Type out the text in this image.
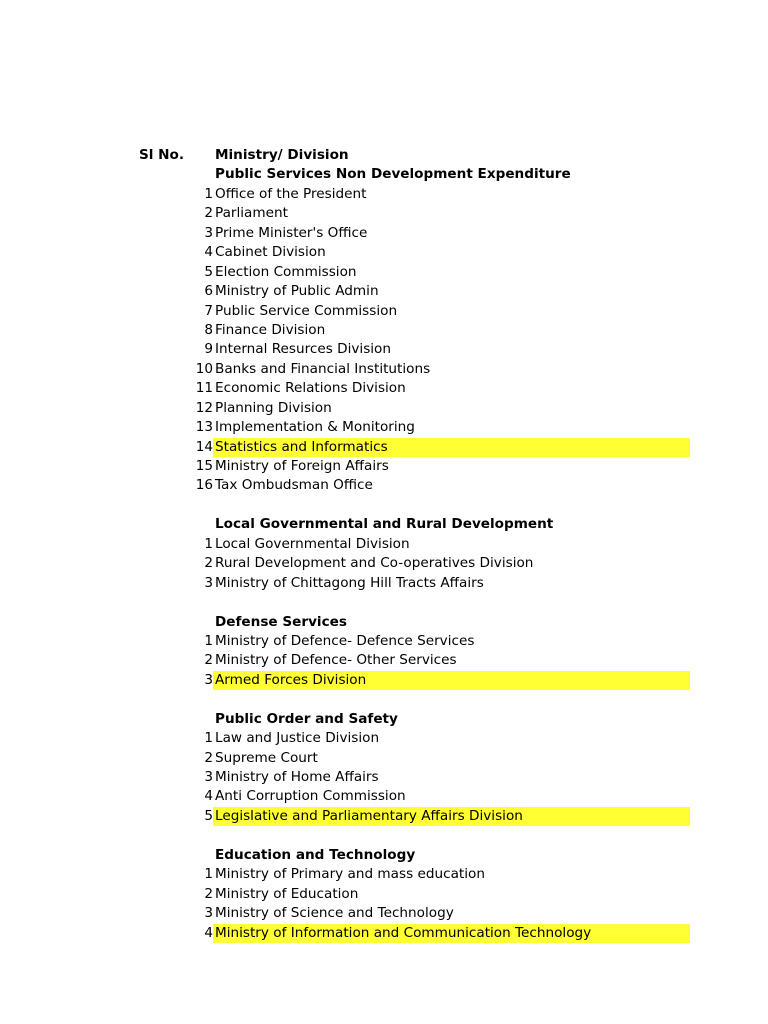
Sl No. Ministry/ Division
Public Services Non Development Expenditure
1 Office of the President
2 Parliament
3 Prime Minister's Office
4 Cabinet Division
5 Election Commission
6 Ministry of Public Admin
7 Public Service Commission
8 Finance Division
9 Internal Resurces Division
10 Banks and Financial Institutions
11 Economic Relations Division
12 Planning Division
13 Implementation & Monitoring
14 Statistics and Informatics
15 Ministry of Foreign Affairs
16 Tax Ombudsman Office
Local Governmental and Rural Development
1 Local Governmental Division
2 Rural Development and Co-operatives Division
3 Ministry of Chittagong Hill Tracts Affairs
Defense Services
1 Ministry of Defence- Defence Services
2 Ministry of Defence- Other Services
3 Armed Forces Division
Public Order and Safety
1 Law and Justice Division
2 Supreme Court
3 Ministry of Home Affairs
4 Anti Corruption Commission
5 Legislative and Parliamentary Affairs Division
Education and Technology
1 Ministry of Primary and mass education
2 Ministry of Education
3 Ministry of Science and Technology
4 Ministry of Information and Communication Technology
